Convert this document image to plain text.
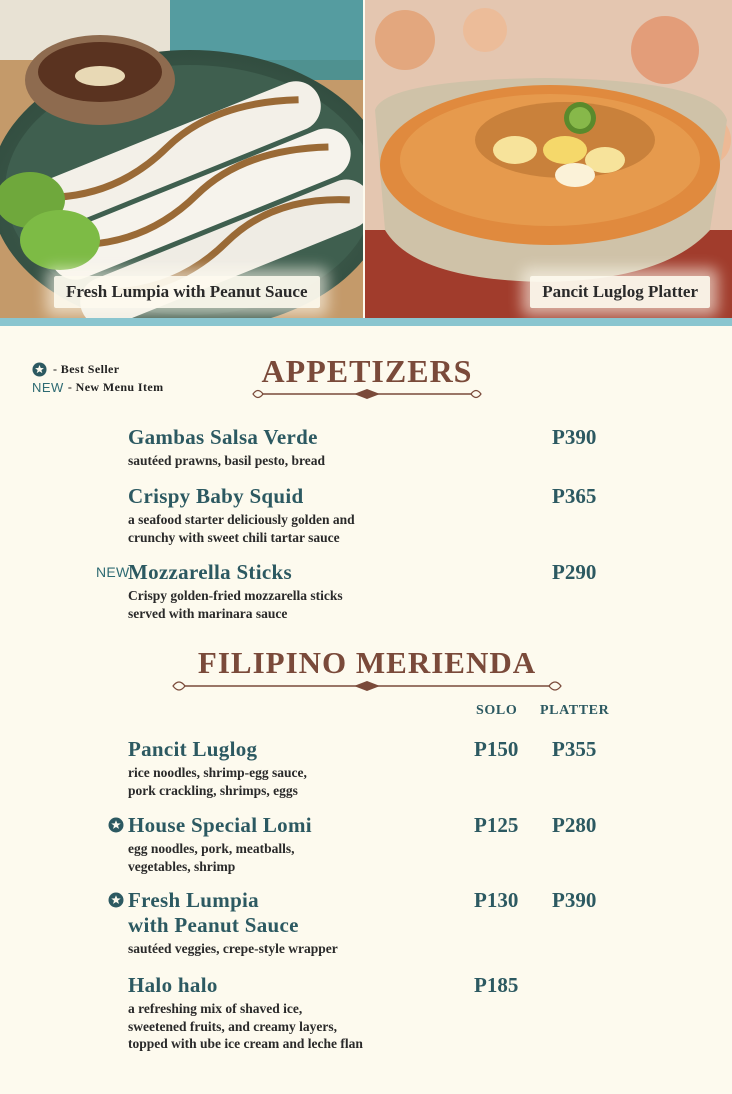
Fresh Lumpia with Peanut Sauce	Pancit Luglog Platter
- Best Seller
NEW - New Menu Item	APPETIZERS
Gambas Salsa Verde
sautéed prawns, basil pesto, bread
P390
Crispy Baby Squid
a seafood starter deliciously golden and
crunchy with sweet chili tartar sauce
P365
NEW
Mozzarella Sticks
Crispy golden-fried mozzarella sticks
served with marinara sauce
P290
FILIPINO MERIENDA
SOLO PLATTER
Pancit Luglog
rice noodles, shrimp-egg sauce,
pork crackling, shrimps, eggs
P150 P355
House Special Lomi
egg noodles, pork, meatballs,
vegetables, shrimp
P125 P280
Fresh Lumpia
with Peanut Sauce
sautéed veggies, crepe-style wrapper
P130 P390
Halo halo
a refreshing mix of shaved ice,
sweetened fruits, and creamy layers,
topped with ube ice cream and leche flan
P185
